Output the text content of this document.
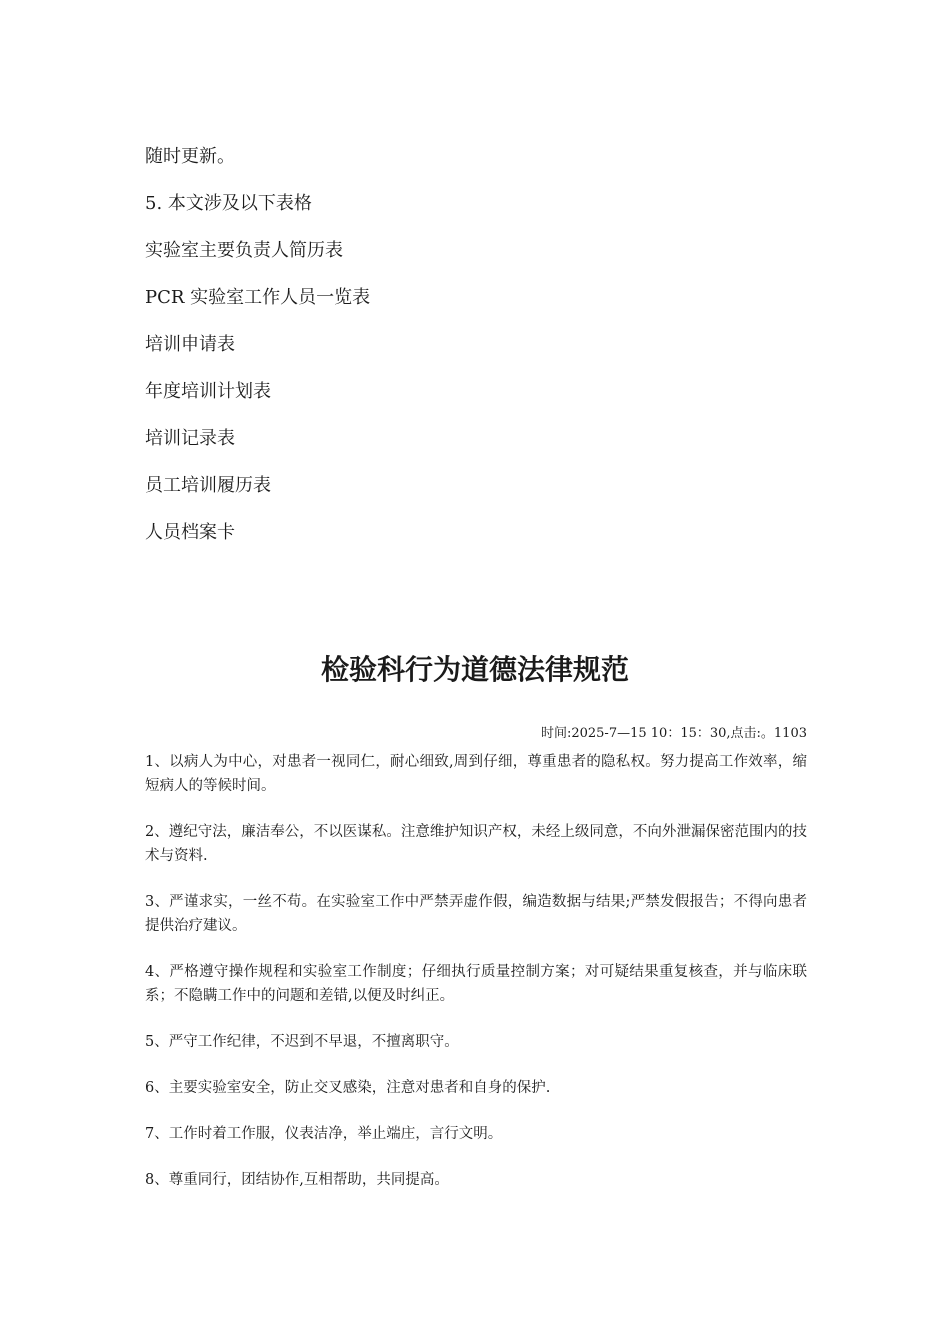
随时更新。

5. 本文涉及以下表格

实验室主要负责人简历表

PCR 实验室工作人员一览表

培训申请表

年度培训计划表

培训记录表

员工培训履历表

人员档案卡

检验科行为道德法律规范
时间:2025-7—15 10：15：30,点击:。1103

1、以病人为中心，对患者一视同仁，耐心细致,周到仔细，尊重患者的隐私权。努力提高工作效率，缩短病人的等候时间。

2、遵纪守法，廉洁奉公，不以医谋私。注意维护知识产权，未经上级同意，不向外泄漏保密范围内的技术与资料.

3、严谨求实，一丝不苟。在实验室工作中严禁弄虚作假，编造数据与结果;严禁发假报告；不得向患者提供治疗建议。

4、严格遵守操作规程和实验室工作制度；仔细执行质量控制方案；对可疑结果重复核查，并与临床联系；不隐瞒工作中的问题和差错,以便及时纠正。

5、严守工作纪律，不迟到不早退，不擅离职守。

6、主要实验室安全，防止交叉感染，注意对患者和自身的保护.

7、工作时着工作服，仪表洁净，举止端庄，言行文明。

8、尊重同行，团结协作,互相帮助，共同提高。
